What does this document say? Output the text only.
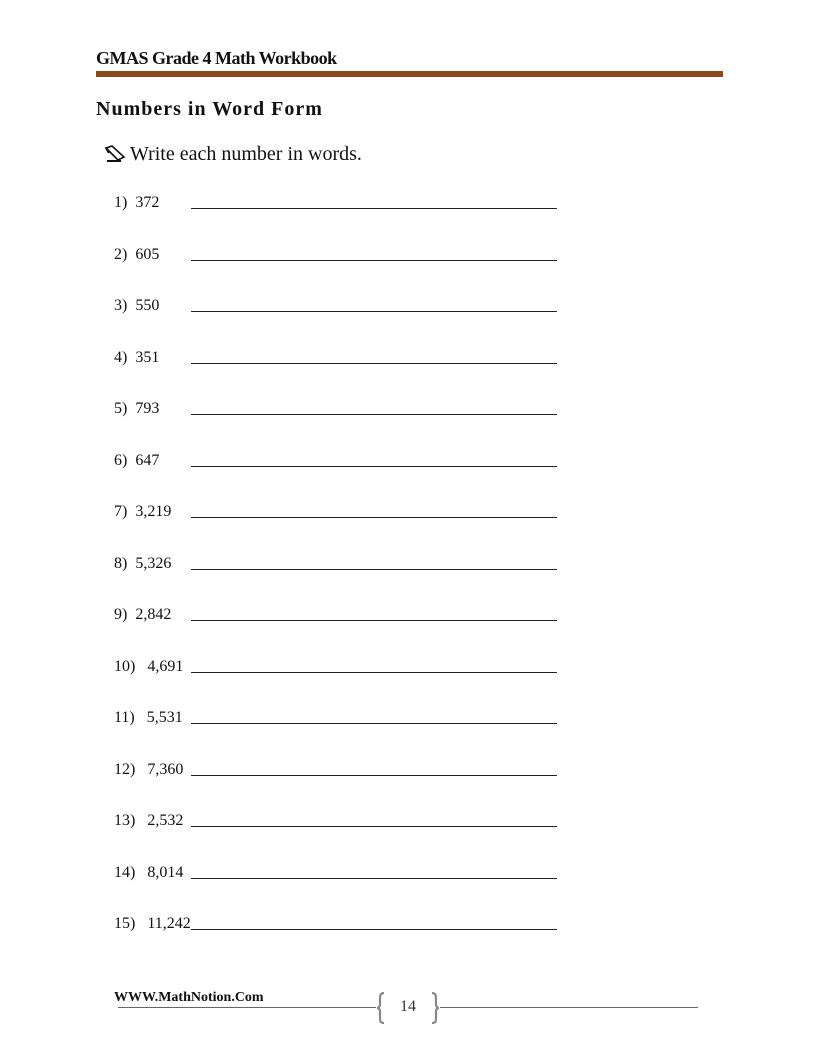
GMAS Grade 4 Math Workbook
Numbers in Word Form
Write each number in words.
1) 372
2) 605
3) 550
4) 351
5) 793
6) 647
7) 3,219
8) 5,326
9) 2,842
10) 4,691
11) 5,531
12) 7,360
13) 2,532
14) 8,014
15) 11,242
WWW.MathNotion.Com
14
